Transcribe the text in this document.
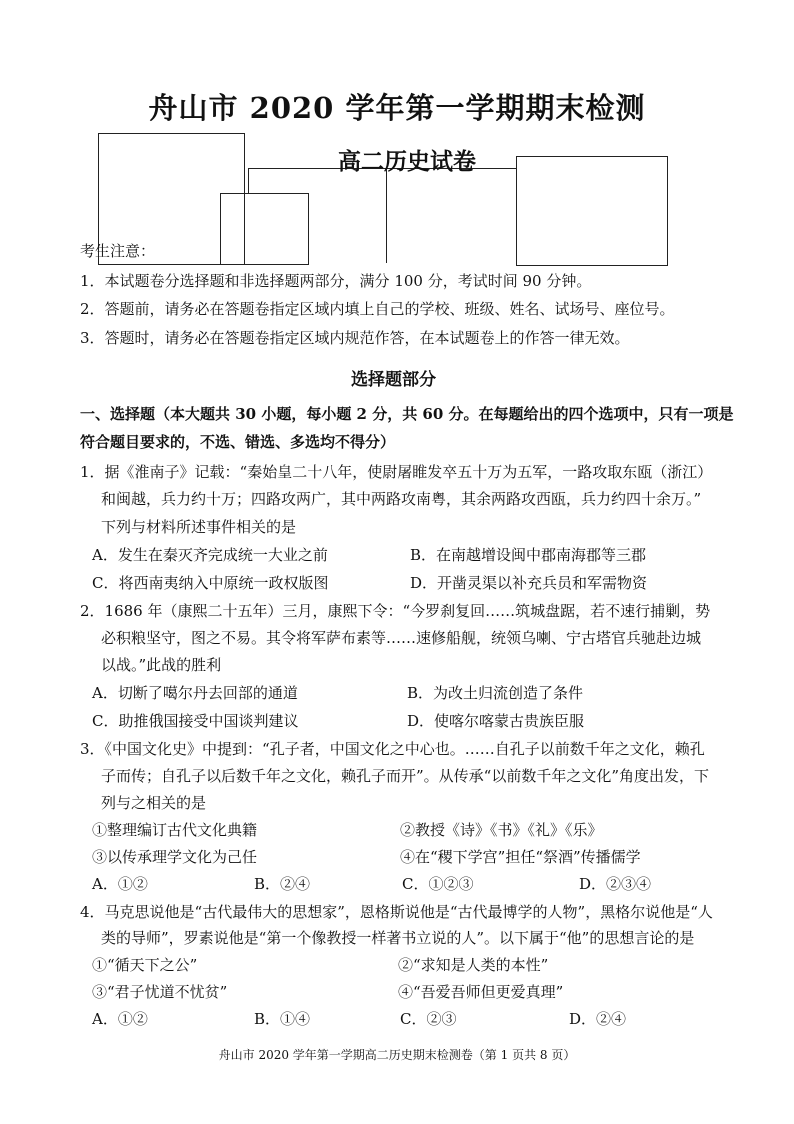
舟山市 2020 学年第一学期期末检测
高二历史试卷
考生注意：
1．本试题卷分选择题和非选择题两部分，满分 100 分，考试时间 90 分钟。
2．答题前，请务必在答题卷指定区域内填上自己的学校、班级、姓名、试场号、座位号。
3．答题时，请务必在答题卷指定区域内规范作答，在本试题卷上的作答一律无效。
选择题部分
一、选择题（本大题共 30 小题，每小题 2 分，共 60 分。在每题给出的四个选项中，只有一项是
符合题目要求的，不选、错选、多选均不得分）
1．据《淮南子》记载：“秦始皇二十八年，使尉屠睢发卒五十万为五军，一路攻取东瓯（浙江）
和闽越，兵力约十万；四路攻两广，其中两路攻南粤，其余两路攻西瓯，兵力约四十余万。”
下列与材料所述事件相关的是
A．发生在秦灭齐完成统一大业之前	B．在南越增设闽中郡南海郡等三郡
C．将西南夷纳入中原统一政权版图	D．开凿灵渠以补充兵员和军需物资
2．1686 年（康熙二十五年）三月，康熙下令：“今罗刹复回……筑城盘踞，若不速行捕剿，势
必积粮坚守，图之不易。其令将军萨布素等……速修船舰，统领乌喇、宁古塔官兵驰赴边城
以战。”此战的胜利
A．切断了噶尔丹去回部的通道	B．为改土归流创造了条件
C．助推俄国接受中国谈判建议	D．使喀尔喀蒙古贵族臣服
3．《中国文化史》中提到：“孔子者，中国文化之中心也。……自孔子以前数千年之文化，赖孔
子而传；自孔子以后数千年之文化，赖孔子而开”。从传承“以前数千年之文化”角度出发，下
列与之相关的是
①整理编订古代文化典籍	②教授《诗》《书》《礼》《乐》
③以传承理学文化为己任	④在“稷下学宫”担任“祭酒”传播儒学
A．①②	B．②④	C．①②③	D．②③④
4．马克思说他是“古代最伟大的思想家”，恩格斯说他是“古代最博学的人物”，黑格尔说他是“人
类的导师”，罗素说他是“第一个像教授一样著书立说的人”。以下属于“他”的思想言论的是
①“循天下之公”	②“求知是人类的本性”
③“君子忧道不忧贫”	④“吾爱吾师但更爱真理”
A．①②	B．①④	C．②③	D．②④
舟山市 2020 学年第一学期高二历史期末检测卷（第 1 页共 8 页）
